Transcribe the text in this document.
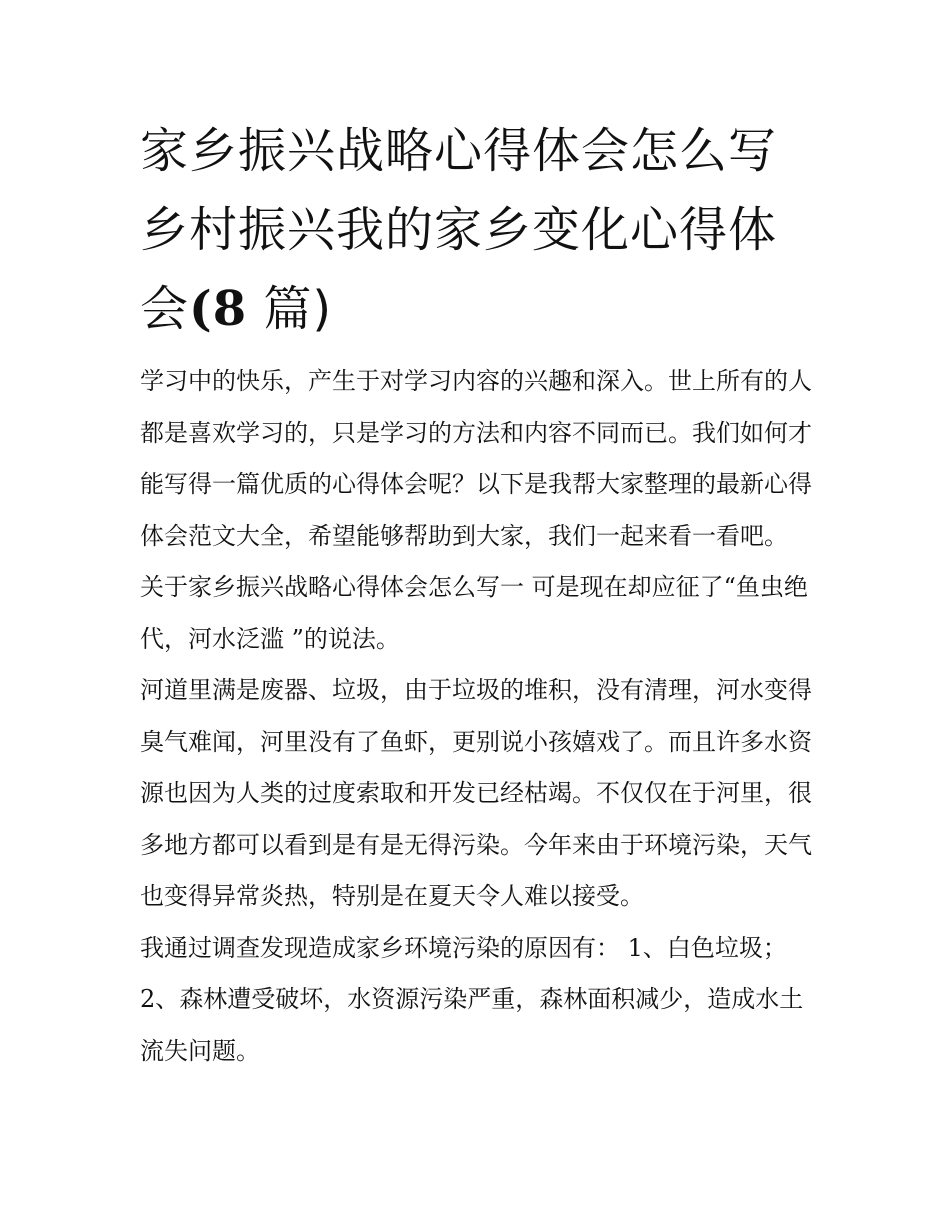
家乡振兴战略心得体会怎么写乡村振兴我的家乡变化心得体会(8 篇)

学习中的快乐，产生于对学习内容的兴趣和深入。世上所有的人都是喜欢学习的，只是学习的方法和内容不同而已。我们如何才能写得一篇优质的心得体会呢？以下是我帮大家整理的最新心得体会范文大全，希望能够帮助到大家，我们一起来看一看吧。

关于家乡振兴战略心得体会怎么写一 可是现在却应征了“鱼虫绝代，河水泛滥 ”的说法。

河道里满是废器、垃圾，由于垃圾的堆积，没有清理，河水变得臭气难闻，河里没有了鱼虾，更别说小孩嬉戏了。而且许多水资源也因为人类的过度索取和开发已经枯竭。不仅仅在于河里，很多地方都可以看到是有是无得污染。今年来由于环境污染，天气也变得异常炎热，特别是在夏天令人难以接受。

我通过调查发现造成家乡环境污染的原因有： 1、白色垃圾；2、森林遭受破坏，水资源污染严重，森林面积减少，造成水土流失问题。
